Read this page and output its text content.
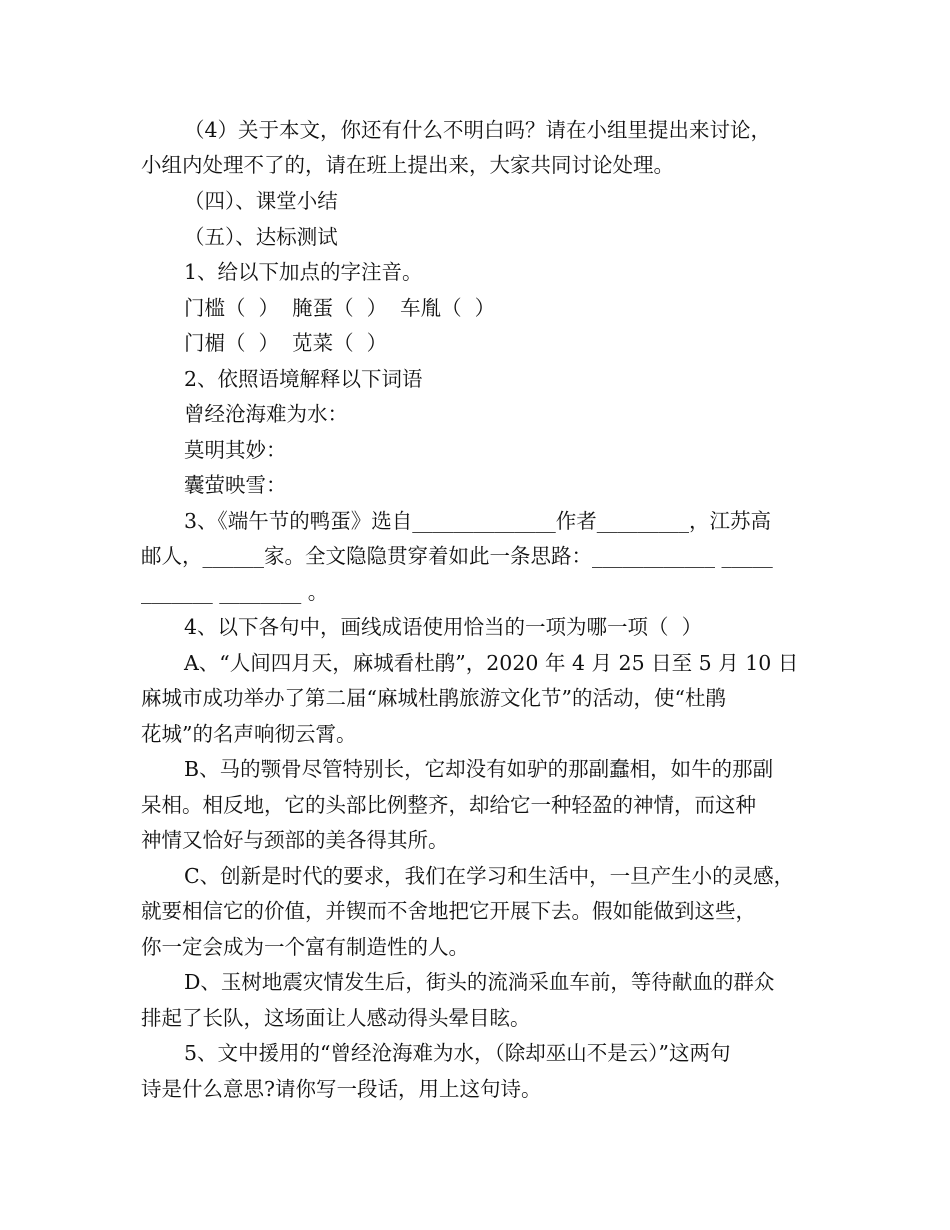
（4）关于本文，你还有什么不明白吗？请在小组里提出来讨论，
小组内处理不了的，请在班上提出来，大家共同讨论处理。
（四）、课堂小结
（五）、达标测试
1、给以下加点的字注音。
门槛（  ）  腌蛋（  ）  车胤（  ）
门楣（  ）  苋菜（  ）
2、依照语境解释以下词语
曾经沧海难为水：
莫明其妙：
囊萤映雪：
3、《端午节的鸭蛋》选自______________作者_________，江苏高
邮人，______家。全文隐隐贯穿着如此一条思路：____________ _____
_______ ________ 。
4、以下各句中，画线成语使用恰当的一项为哪一项（  ）
A、“人间四月天，麻城看杜鹃”，2020 年 4 月 25 日至 5 月 10 日
麻城市成功举办了第二届“麻城杜鹃旅游文化节”的活动，使“杜鹃
花城”的名声响彻云霄。
B、马的颚骨尽管特别长，它却没有如驴的那副蠢相，如牛的那副
呆相。相反地，它的头部比例整齐，却给它一种轻盈的神情，而这种
神情又恰好与颈部的美各得其所。
C、创新是时代的要求，我们在学习和生活中，一旦产生小的灵感，
就要相信它的价值，并锲而不舍地把它开展下去。假如能做到这些，
你一定会成为一个富有制造性的人。
D、玉树地震灾情发生后，街头的流淌采血车前，等待献血的群众
排起了长队，这场面让人感动得头晕目眩。
5、文中援用的“曾经沧海难为水，（除却巫山不是云）”这两句
诗是什么意思?请你写一段话，用上这句诗。
